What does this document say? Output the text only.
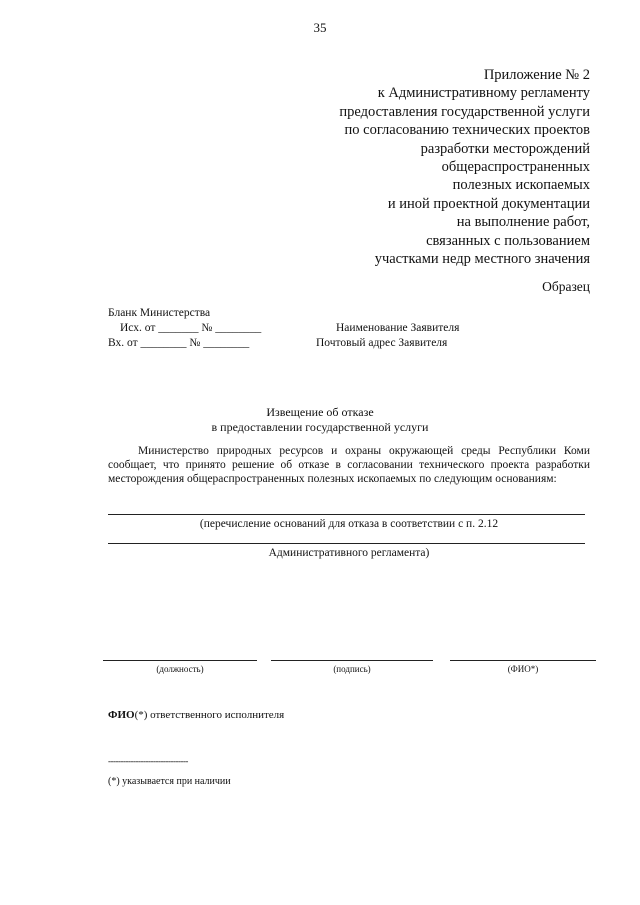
35
Приложение № 2
к Административному регламенту
предоставления государственной услуги
по согласованию технических проектов
разработки месторождений
общераспространенных
полезных ископаемых
и иной проектной документации
на выполнение работ,
связанных с пользованием
участками недр местного значения
Образец
Бланк Министерства
Исх. от _______ № ________
Вх. от ________ № ________
Наименование Заявителя
Почтовый адрес Заявителя
Извещение об отказе
в предоставлении государственной услуги
Министерство природных ресурсов и охраны окружающей среды Республики Коми сообщает, что принято решение об отказе в согласовании технического проекта разработки месторождения общераспространенных полезных ископаемых по следующим основаниям:
(перечисление оснований для отказа в соответствии с п. 2.12
Административного регламента)
(должность)	(подпись)	(ФИО*)
ФИО(*) ответственного исполнителя
--------------------------------
(*) указывается при наличии
